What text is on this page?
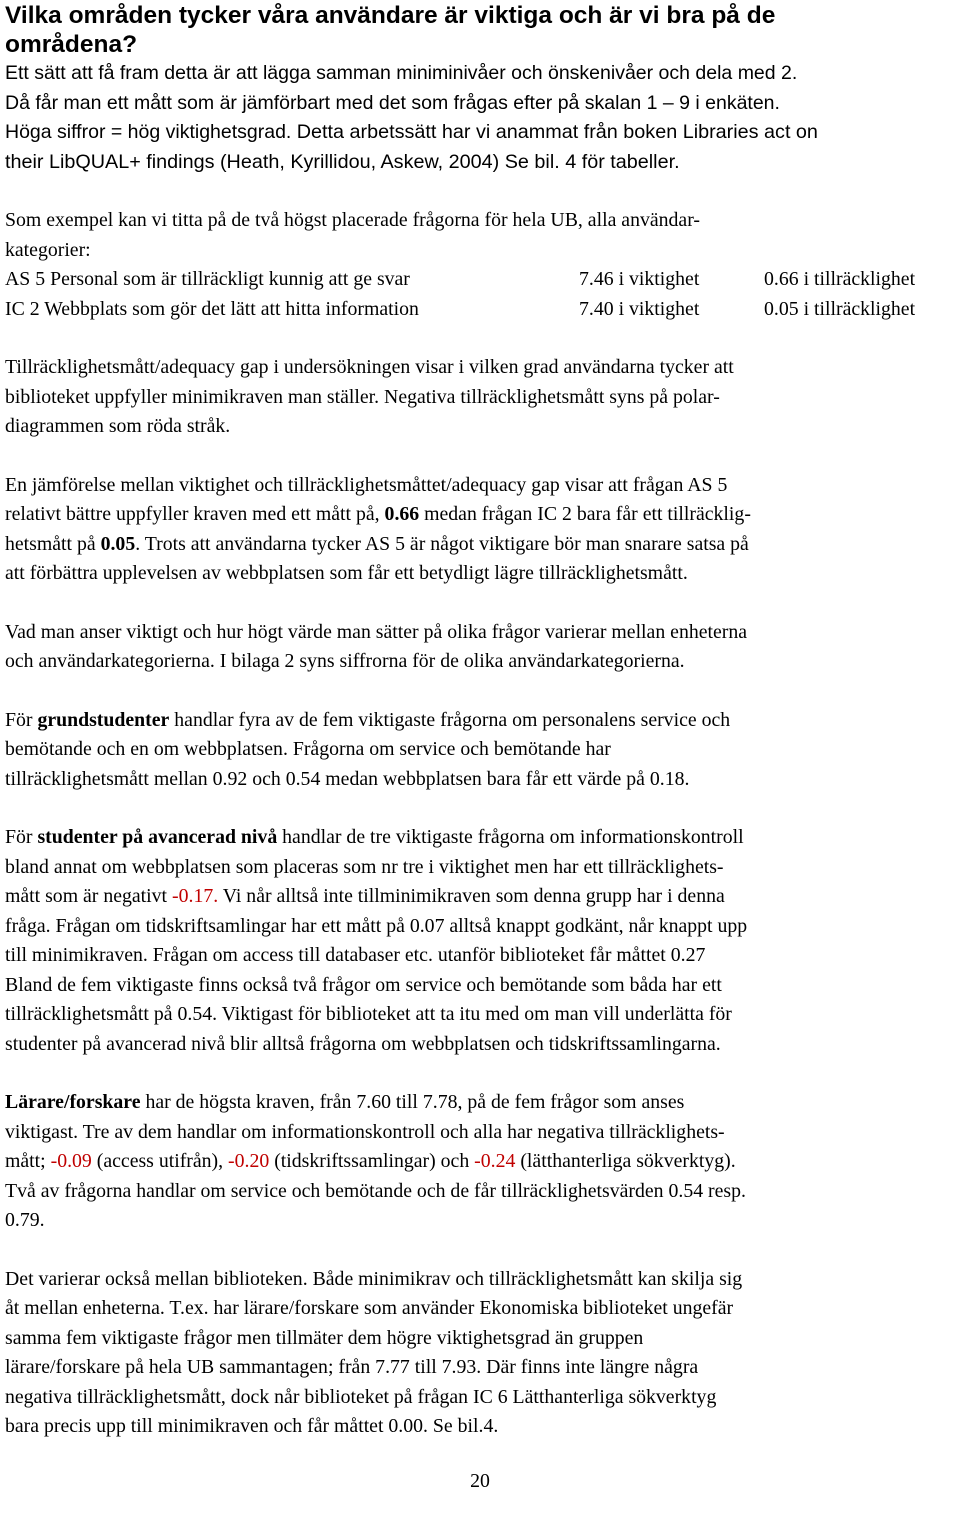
Vilka områden tycker våra användare är viktiga och är vi bra på de
områdena?

Ett sätt att få fram detta är att lägga samman miniminivåer och önskenivåer och dela med 2.
Då får man ett mått som är jämförbart med det som frågas efter på skalan 1 – 9 i enkäten.
Höga siffror = hög viktighetsgrad. Detta arbetssätt har vi anammat från boken Libraries act on
their LibQUAL+ findings (Heath, Kyrillidou, Askew, 2004) Se bil. 4 för tabeller.

Som exempel kan vi titta på de två högst placerade frågorna för hela UB, alla användar-
kategorier:

AS 5 Personal som är tillräckligt kunnig att ge svar	7.46 i viktighet	0.66 i tillräcklighet
IC 2 Webbplats som gör det lätt att hitta information	7.40 i viktighet	0.05 i tillräcklighet

Tillräcklighetsmått/adequacy gap i undersökningen visar i vilken grad användarna tycker att
biblioteket uppfyller minimikraven man ställer. Negativa tillräcklighetsmått syns på polar-
diagrammen som röda stråk.

En jämförelse mellan viktighet och tillräcklighetsmåttet/adequacy gap visar att frågan AS 5
relativt bättre uppfyller kraven med ett mått på, 0.66 medan frågan IC 2 bara får ett tillräcklig-
hetsmått på 0.05. Trots att användarna tycker AS 5 är något viktigare bör man snarare satsa på
att förbättra upplevelsen av webbplatsen som får ett betydligt lägre tillräcklighetsmått.

Vad man anser viktigt och hur högt värde man sätter på olika frågor varierar mellan enheterna
och användarkategorierna. I bilaga 2 syns siffrorna för de olika användarkategorierna.

För grundstudenter handlar fyra av de fem viktigaste frågorna om personalens service och
bemötande och en om webbplatsen. Frågorna om service och bemötande har
tillräcklighetsmått mellan 0.92 och 0.54 medan webbplatsen bara får ett värde på 0.18.

För studenter på avancerad nivå handlar de tre viktigaste frågorna om informationskontroll
bland annat om webbplatsen som placeras som nr tre i viktighet men har ett tillräcklighets-
mått som är negativt -0.17. Vi når alltså inte tillminimikraven som denna grupp har i denna
fråga. Frågan om tidskriftsamlingar har ett mått på 0.07 alltså knappt godkänt, når knappt upp
till minimikraven. Frågan om access till databaser etc. utanför biblioteket får måttet 0.27
Bland de fem viktigaste finns också två frågor om service och bemötande som båda har ett
tillräcklighetsmått på 0.54. Viktigast för biblioteket att ta itu med om man vill underlätta för
studenter på avancerad nivå blir alltså frågorna om webbplatsen och tidskriftssamlingarna.

Lärare/forskare har de högsta kraven, från 7.60 till 7.78, på de fem frågor som anses
viktigast. Tre av dem handlar om informationskontroll och alla har negativa tillräcklighets-
mått; -0.09 (access utifrån), -0.20 (tidskriftssamlingar) och -0.24 (lätthanterliga sökverktyg).
Två av frågorna handlar om service och bemötande och de får tillräcklighetsvärden 0.54 resp.
0.79.

Det varierar också mellan biblioteken. Både minimikrav och tillräcklighetsmått kan skilja sig
åt mellan enheterna. T.ex. har lärare/forskare som använder Ekonomiska biblioteket ungefär
samma fem viktigaste frågor men tillmäter dem högre viktighetsgrad än gruppen
lärare/forskare på hela UB sammantagen; från 7.77 till 7.93. Där finns inte längre några
negativa tillräcklighetsmått, dock når biblioteket på frågan IC 6 Lätthanterliga sökverktyg
bara precis upp till minimikraven och får måttet 0.00. Se bil.4.

20
